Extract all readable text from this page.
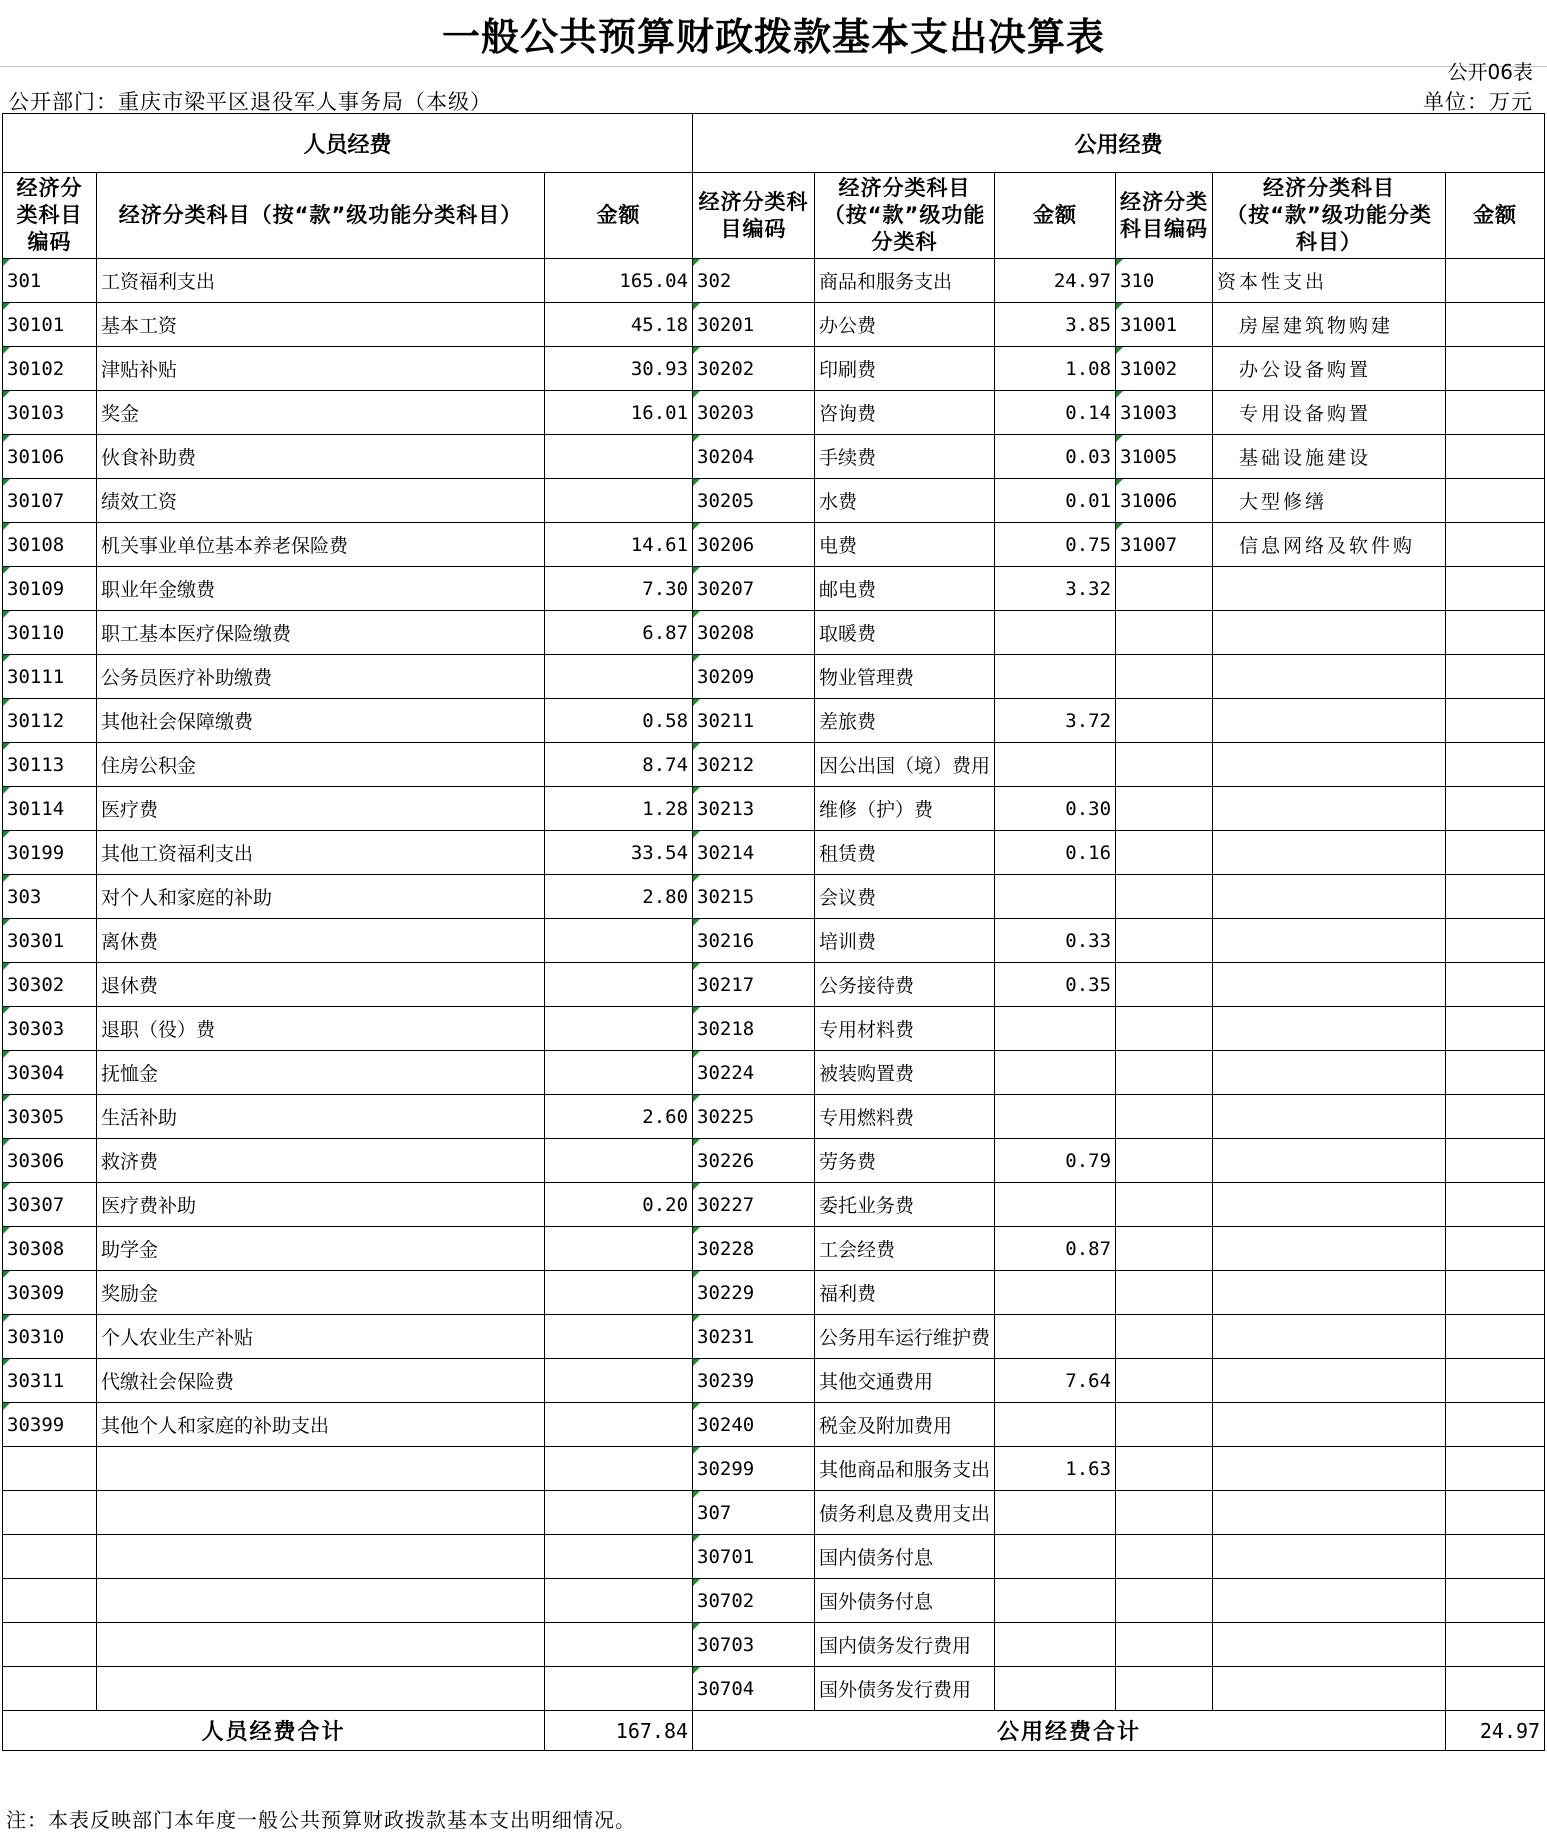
一般公共预算财政拨款基本支出决算表
公开06表
公开部门：重庆市梁平区退役军人事务局（本级）	单位：万元
人员经费			公用经费					
经济分类科目编码	经济分类科目（按“款”级功能分类科目）	金额	经济分类科目编码	经济分类科目（按“款”级功能分类科	金额	经济分类科目编码	经济分类科目（按“款”级功能分类科目）	金额
301	工资福利支出	165.04	302	商品和服务支出	24.97	310	资本性支出	
30101	基本工资	45.18	30201	办公费	3.85	31001	房屋建筑物购建	
30102	津贴补贴	30.93	30202	印刷费	1.08	31002	办公设备购置	
30103	奖金	16.01	30203	咨询费	0.14	31003	专用设备购置	
30106	伙食补助费		30204	手续费	0.03	31005	基础设施建设	
30107	绩效工资		30205	水费	0.01	31006	大型修缮	
30108	机关事业单位基本养老保险费	14.61	30206	电费	0.75	31007	信息网络及软件购	
30109	职业年金缴费	7.30	30207	邮电费	3.32			
30110	职工基本医疗保险缴费	6.87	30208	取暖费				
30111	公务员医疗补助缴费		30209	物业管理费				
30112	其他社会保障缴费	0.58	30211	差旅费	3.72			
30113	住房公积金	8.74	30212	因公出国（境）费用				
30114	医疗费	1.28	30213	维修（护）费	0.30			
30199	其他工资福利支出	33.54	30214	租赁费	0.16			
303	对个人和家庭的补助	2.80	30215	会议费				
30301	离休费		30216	培训费	0.33			
30302	退休费		30217	公务接待费	0.35			
30303	退职（役）费		30218	专用材料费				
30304	抚恤金		30224	被装购置费				
30305	生活补助	2.60	30225	专用燃料费				
30306	救济费		30226	劳务费	0.79			
30307	医疗费补助	0.20	30227	委托业务费				
30308	助学金		30228	工会经费	0.87			
30309	奖励金		30229	福利费				
30310	个人农业生产补贴		30231	公务用车运行维护费				
30311	代缴社会保险费		30239	其他交通费用	7.64			
30399	其他个人和家庭的补助支出		30240	税金及附加费用				
			30299	其他商品和服务支出	1.63			
			307	债务利息及费用支出				
			30701	国内债务付息				
			30702	国外债务付息				
			30703	国内债务发行费用				
			30704	国外债务发行费用				
人员经费合计		167.84	公用经费合计					24.97
注：本表反映部门本年度一般公共预算财政拨款基本支出明细情况。
